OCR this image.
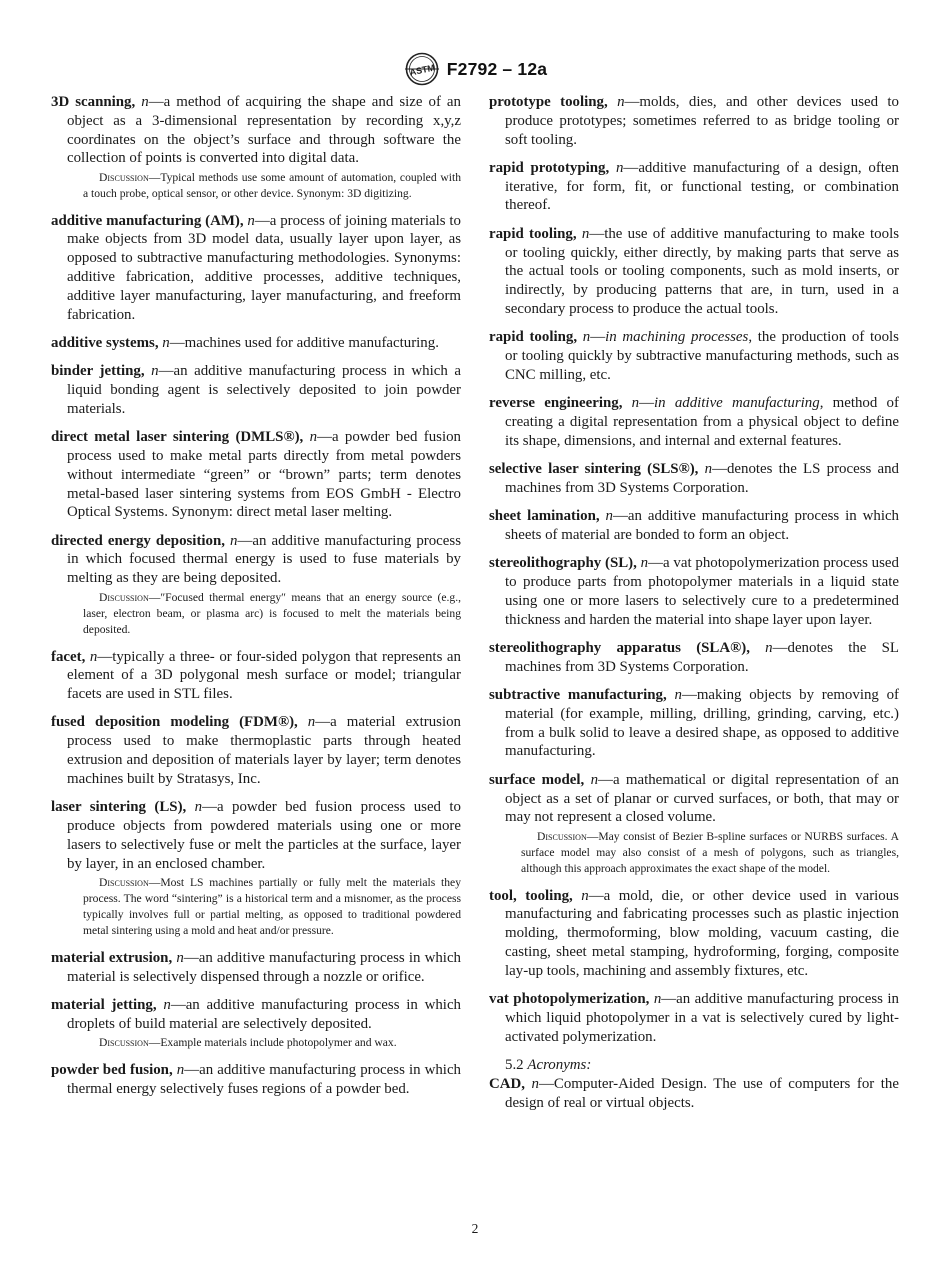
ASTM F2792 – 12a
3D scanning, n—a method of acquiring the shape and size of an object as a 3-dimensional representation by recording x,y,z coordinates on the object’s surface and through software the collection of points is converted into digital data.
Discussion—Typical methods use some amount of automation, coupled with a touch probe, optical sensor, or other device. Synonym: 3D digitizing.
additive manufacturing (AM), n—a process of joining materials to make objects from 3D model data, usually layer upon layer, as opposed to subtractive manufacturing methodologies. Synonyms: additive fabrication, additive processes, additive techniques, additive layer manufacturing, layer manufacturing, and freeform fabrication.
additive systems, n—machines used for additive manufacturing.
binder jetting, n—an additive manufacturing process in which a liquid bonding agent is selectively deposited to join powder materials.
direct metal laser sintering (DMLS®), n—a powder bed fusion process used to make metal parts directly from metal powders without intermediate “green” or “brown” parts; term denotes metal-based laser sintering systems from EOS GmbH - Electro Optical Systems. Synonym: direct metal laser melting.
directed energy deposition, n—an additive manufacturing process in which focused thermal energy is used to fuse materials by melting as they are being deposited.
Discussion—″Focused thermal energy″ means that an energy source (e.g., laser, electron beam, or plasma arc) is focused to melt the materials being deposited.
facet, n—typically a three- or four-sided polygon that represents an element of a 3D polygonal mesh surface or model; triangular facets are used in STL files.
fused deposition modeling (FDM®), n—a material extrusion process used to make thermoplastic parts through heated extrusion and deposition of materials layer by layer; term denotes machines built by Stratasys, Inc.
laser sintering (LS), n—a powder bed fusion process used to produce objects from powdered materials using one or more lasers to selectively fuse or melt the particles at the surface, layer by layer, in an enclosed chamber.
Discussion—Most LS machines partially or fully melt the materials they process. The word “sintering” is a historical term and a misnomer, as the process typically involves full or partial melting, as opposed to traditional powdered metal sintering using a mold and heat and/or pressure.
material extrusion, n—an additive manufacturing process in which material is selectively dispensed through a nozzle or orifice.
material jetting, n—an additive manufacturing process in which droplets of build material are selectively deposited.
Discussion—Example materials include photopolymer and wax.
powder bed fusion, n—an additive manufacturing process in which thermal energy selectively fuses regions of a powder bed.
prototype tooling, n—molds, dies, and other devices used to produce prototypes; sometimes referred to as bridge tooling or soft tooling.
rapid prototyping, n—additive manufacturing of a design, often iterative, for form, fit, or functional testing, or combination thereof.
rapid tooling, n—the use of additive manufacturing to make tools or tooling quickly, either directly, by making parts that serve as the actual tools or tooling components, such as mold inserts, or indirectly, by producing patterns that are, in turn, used in a secondary process to produce the actual tools.
rapid tooling, n—in machining processes, the production of tools or tooling quickly by subtractive manufacturing methods, such as CNC milling, etc.
reverse engineering, n—in additive manufacturing, method of creating a digital representation from a physical object to define its shape, dimensions, and internal and external features.
selective laser sintering (SLS®), n—denotes the LS process and machines from 3D Systems Corporation.
sheet lamination, n—an additive manufacturing process in which sheets of material are bonded to form an object.
stereolithography (SL), n—a vat photopolymerization process used to produce parts from photopolymer materials in a liquid state using one or more lasers to selectively cure to a predetermined thickness and harden the material into shape layer upon layer.
stereolithography apparatus (SLA®), n—denotes the SL machines from 3D Systems Corporation.
subtractive manufacturing, n—making objects by removing of material (for example, milling, drilling, grinding, carving, etc.) from a bulk solid to leave a desired shape, as opposed to additive manufacturing.
surface model, n—a mathematical or digital representation of an object as a set of planar or curved surfaces, or both, that may or may not represent a closed volume.
Discussion—May consist of Bezier B-spline surfaces or NURBS surfaces. A surface model may also consist of a mesh of polygons, such as triangles, although this approach approximates the exact shape of the model.
tool, tooling, n—a mold, die, or other device used in various manufacturing and fabricating processes such as plastic injection molding, thermoforming, blow molding, vacuum casting, die casting, sheet metal stamping, hydroforming, forging, composite lay-up tools, machining and assembly fixtures, etc.
vat photopolymerization, n—an additive manufacturing process in which liquid photopolymer in a vat is selectively cured by light-activated polymerization.
5.2 Acronyms:
CAD, n—Computer-Aided Design. The use of computers for the design of real or virtual objects.
2
